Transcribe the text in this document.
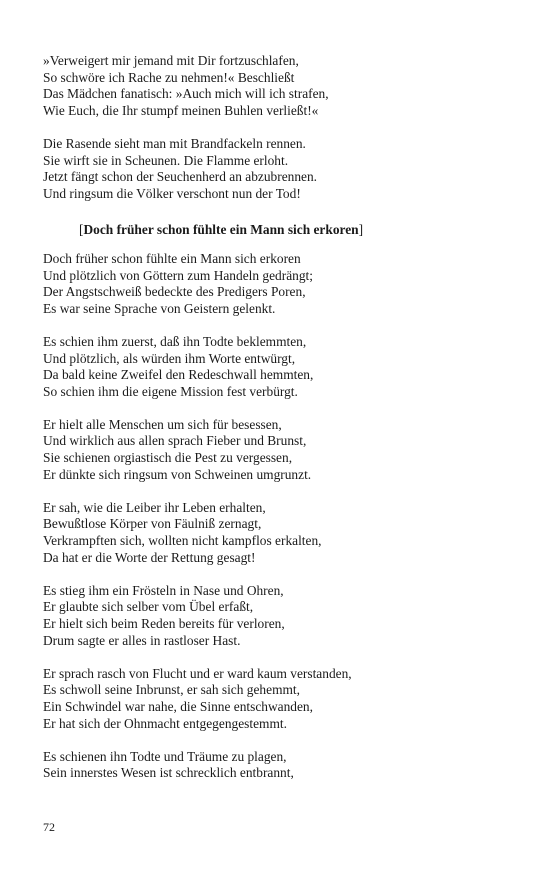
»Verweigert mir jemand mit Dir fortzuschlafen,
So schwöre ich Rache zu nehmen!« Beschließt
Das Mädchen fanatisch: »Auch mich will ich strafen,
Wie Euch, die Ihr stumpf meinen Buhlen verließt!«
Die Rasende sieht man mit Brandfackeln rennen.
Sie wirft sie in Scheunen. Die Flamme erloht.
Jetzt fängt schon der Seuchenherd an abzubrennen.
Und ringsum die Völker verschont nun der Tod!
[Doch früher schon fühlte ein Mann sich erkoren]
Doch früher schon fühlte ein Mann sich erkoren
Und plötzlich von Göttern zum Handeln gedrängt;
Der Angstschweiß bedeckte des Predigers Poren,
Es war seine Sprache von Geistern gelenkt.
Es schien ihm zuerst, daß ihn Todte beklemmten,
Und plötzlich, als würden ihm Worte entwürgt,
Da bald keine Zweifel den Redeschwall hemmten,
So schien ihm die eigene Mission fest verbürgt.
Er hielt alle Menschen um sich für besessen,
Und wirklich aus allen sprach Fieber und Brunst,
Sie schienen orgiastisch die Pest zu vergessen,
Er dünkte sich ringsum von Schweinen umgrunzt.
Er sah, wie die Leiber ihr Leben erhalten,
Bewußtlose Körper von Fäulniß zernagt,
Verkrampften sich, wollten nicht kampflos erkalten,
Da hat er die Worte der Rettung gesagt!
Es stieg ihm ein Frösteln in Nase und Ohren,
Er glaubte sich selber vom Übel erfaßt,
Er hielt sich beim Reden bereits für verloren,
Drum sagte er alles in rastloser Hast.
Er sprach rasch von Flucht und er ward kaum verstanden,
Es schwoll seine Inbrunst, er sah sich gehemmt,
Ein Schwindel war nahe, die Sinne entschwanden,
Er hat sich der Ohnmacht entgegengestemmt.
Es schienen ihn Todte und Träume zu plagen,
Sein innerstes Wesen ist schrecklich entbrannt,
72
